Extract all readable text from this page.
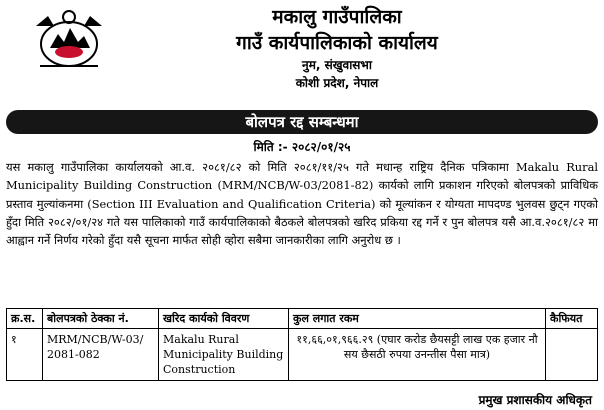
मकालु गाउँपालिका
गाउँ कार्यपालिकाको कार्यालय
नुम, संखुवासभा
कोशी प्रदेश, नेपाल
बोलपत्र रद्द सम्बन्धमा
मिति :- २०८२/०१/२५
यस मकालु गाउँपालिका कार्यालयको आ.व. २०८१/८२ को मिति २०८१/११/२५ गते मधान्ह राष्ट्रिय दैनिक पत्रिकामा Makalu Rural Municipality Building Construction (MRM/NCB/W-03/2081-82) कार्यको लागि प्रकाशन गरिएको बोलपत्रको प्राविधिक प्रस्ताव मुल्यांकनमा (Section III Evaluation and Qualification Criteria) को मूल्यांकन र योग्यता मापदण्ड भुलवस छुट्न गएको हुँदा मिति २०८२/०१/२४ गते यस पालिकाको गाउँ कार्यपालिकाको बैठकले बोलपत्रको खरिद प्रकिया रद्द गर्ने र पुन बोलपत्र यसै आ.व.२०८१/८२ मा आह्वान गर्ने निर्णय गरेको हुँदा यसै सूचना मार्फत सोही व्होरा सबैमा जानकारीका लागि अनुरोध छ ।
क्र.स.	बोलपत्रको ठेक्का नं.	खरिद कार्यको विवरण	कुल लगात रकम	कैफियत
१	MRM/NCB/W-03/ 2081-082	Makalu Rural Municipality Building Construction	११,६६,०१,९६६.२९ (एघार करोड छैयसट्टी लाख एक हजार नौ सय छैसठी रुपया उनन्तीस पैसा मात्र)	
प्रमुख प्रशासकीय अधिकृत
